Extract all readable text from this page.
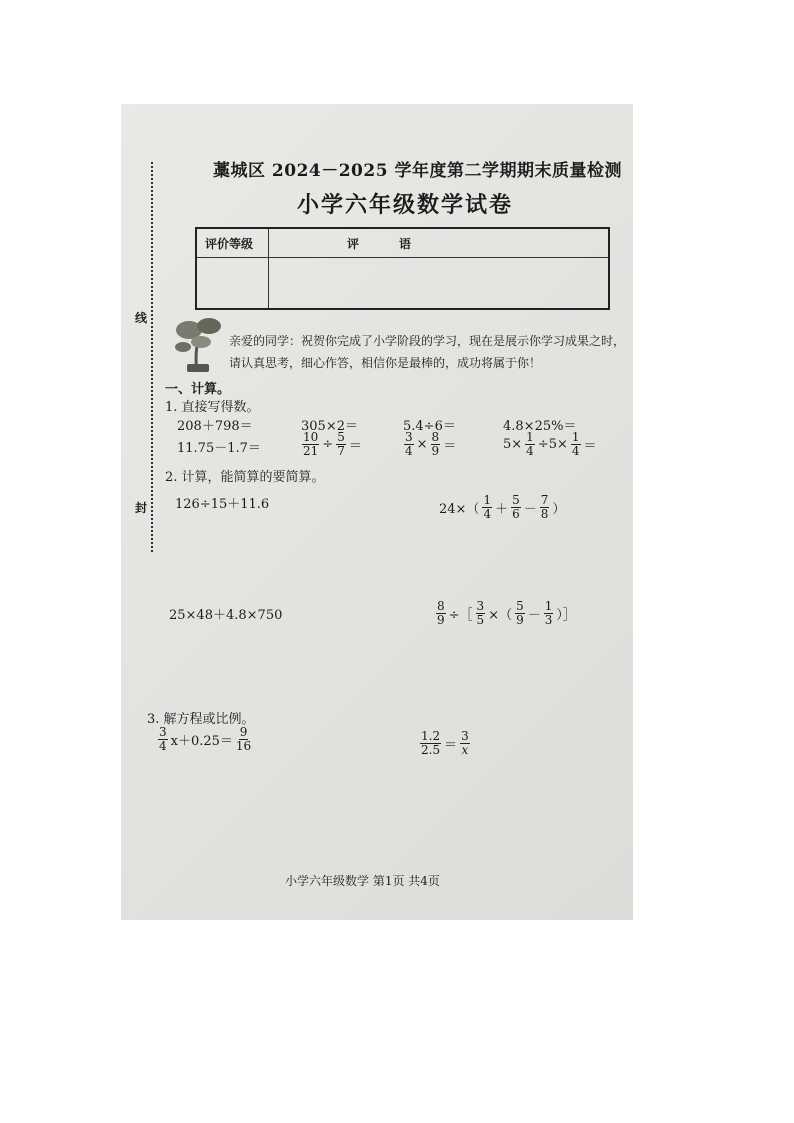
线
封
藁城区 2024－2025 学年度第二学期期末质量检测
小学六年级数学试卷
评价等级	评语
亲爱的同学：祝贺你完成了小学阶段的学习，现在是展示你学习成果之时，请认真思考，细心作答，相信你是最棒的，成功将属于你！
一、计算。
1. 直接写得数。
208＋798＝	305×2＝	5.4÷6＝	4.8×25%＝
11.75－1.7＝	$\frac{10}{21} \div \frac{5}{7}$ ＝	$\frac{3}{4} \times \frac{8}{9}$ ＝	$5\times \frac{1}{4} \div 5\times \frac{1}{4}$ ＝
2. 计算，能简算的要简算。
126÷15＋11.6	$24\times( \frac{1}{4} + \frac{5}{6} - \frac{7}{8}$ ）
25×48＋4.8×750	$\frac{8}{9}$ ÷［ $\frac{3}{5}$ ×（ $\frac{5}{9} - \frac{1}{3}$ ）］
3. 解方程或比例。
$\frac{3}{4} x+0.25= \frac{9}{16}$	$\frac{1.2}{2.5} = \frac{3}{x}$
小学六年级数学 第1页 共4页
